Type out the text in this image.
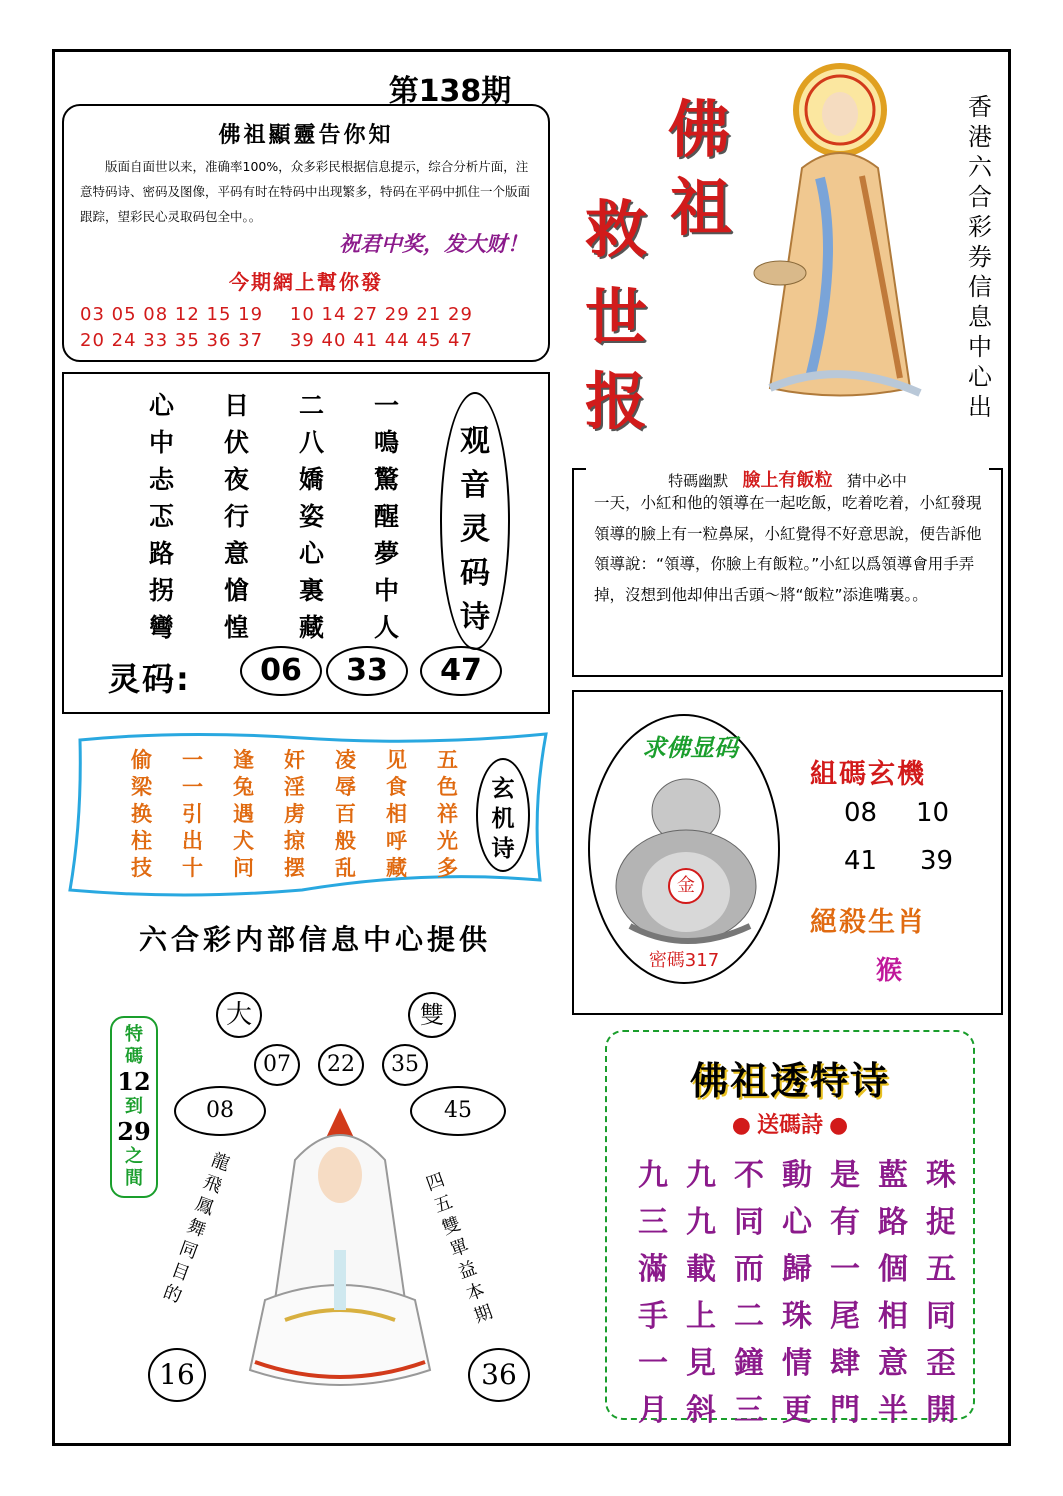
第138期
佛祖顯靈告你知
版面自面世以来，准确率100%，众多彩民根据信息提示，综合分析片面，注意特码诗、密码及图像，平码有时在特码中出现繁多，特码在平码中抓住一个版面跟踪，望彩民心灵取码包全中。。
祝君中奖，发大财！
今期網上幫你發
03 05 08 12 15 19    10 14 27 29 21 29
20 24 33 35 36 37    39 40 41 44 45 47
佛
祖
救
世
报
香
港
六
合
彩
券
信
息
中
心
出
心	日	二	一
中	伏	八	鳴
忐	夜	嬌	驚
忑	行	姿	醒
路	意	心	夢
拐	愴	裏	中
彎	惶	藏	人
观
音
灵
码
诗
灵码:	06	33	47
偷	一	逢	奸	凌	见	五
梁	一	兔	淫	辱	食	色
换	引	遇	虏	百	相	祥
柱	出	犬	掠	般	呼	光
技	十	问	摆	乱	藏	多
玄
机
诗
六合彩内部信息中心提供
大	雙
07	22	35
08	45
特碼
12
到
29
之間
龍
飛
鳳
舞
同
目
的
四
五
雙
單
益
本
期
16	36
特碼幽默 臉上有飯粒 猜中必中
一天，小紅和他的領導在一起吃飯，吃着吃着，小紅發現領導的臉上有一粒鼻屎，小紅覺得不好意思說，便告訴他領導說：“領導，你臉上有飯粒。”小紅以爲領導會用手弄掉，沒想到他却伸出舌頭～將“飯粒”添進嘴裏。。
求佛显码
金
密碼317
組碼玄機
08 10
41 39
絕殺生肖
猴
佛祖透特诗
● 送碼詩 ●
九 九 不 動 是 藍 珠
三 九 同 心 有 路 捉
滿 載 而 歸 一 個 五
手 上 二 珠 尾 相 同
一 見 鐘 情 肆 意 歪
月 斜 三 更 門 半 開
